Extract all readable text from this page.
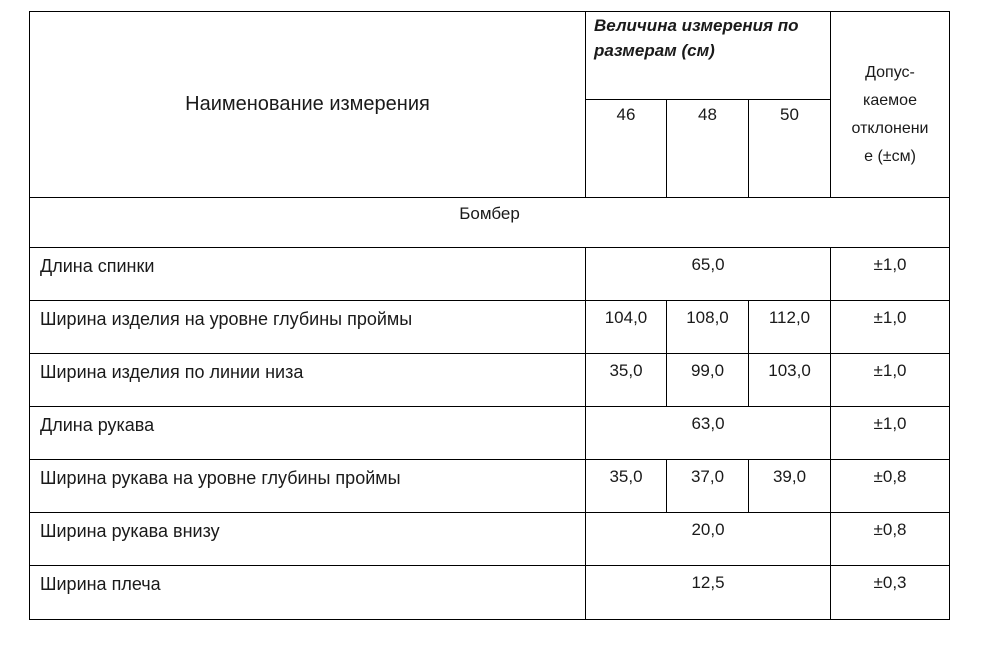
Наименование измерения	Величина измерения по размерам (см)			Допус-
каемое
отклонени
е (±см)
	46	48	50	
Бомбер				
Длина спинки	65,0			±1,0
Ширина изделия на уровне глубины проймы	104,0	108,0	112,0	±1,0
Ширина изделия по линии низа	35,0	99,0	103,0	±1,0
Длина рукава	63,0			±1,0
Ширина рукава на уровне глубины проймы	35,0	37,0	39,0	±0,8
Ширина рукава внизу	20,0			±0,8
Ширина плеча	12,5			±0,3
